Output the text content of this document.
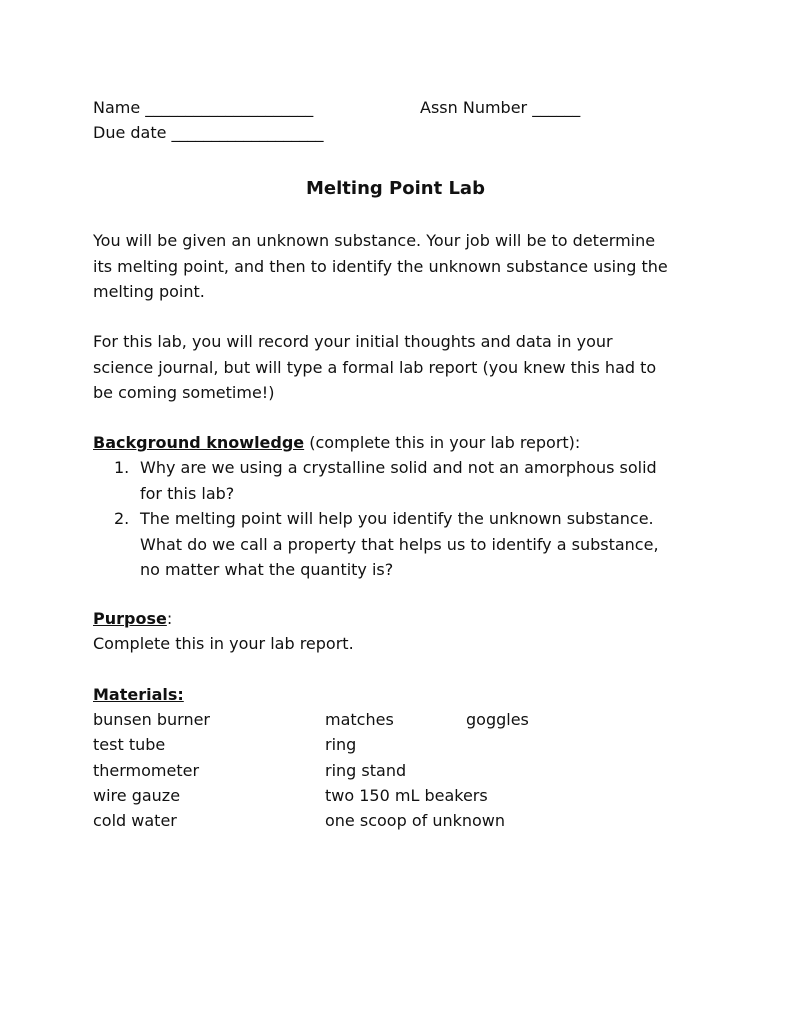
Name _____________________	Assn Number ______
Due date ___________________
Melting Point Lab
You will be given an unknown substance. Your job will be to determine
its melting point, and then to identify the unknown substance using the
melting point.
For this lab, you will record your initial thoughts and data in your
science journal, but will type a formal lab report (you knew this had to
be coming sometime!)
Background knowledge (complete this in your lab report):
1. Why are we using a crystalline solid and not an amorphous solid
for this lab?
2. The melting point will help you identify the unknown substance.
What do we call a property that helps us to identify a substance,
no matter what the quantity is?
Purpose:
Complete this in your lab report.
Materials:
bunsen burner
test tube
thermometer
wire gauze
cold water
matches
ring
ring stand
two 150 mL beakers
one scoop of unknown
goggles
